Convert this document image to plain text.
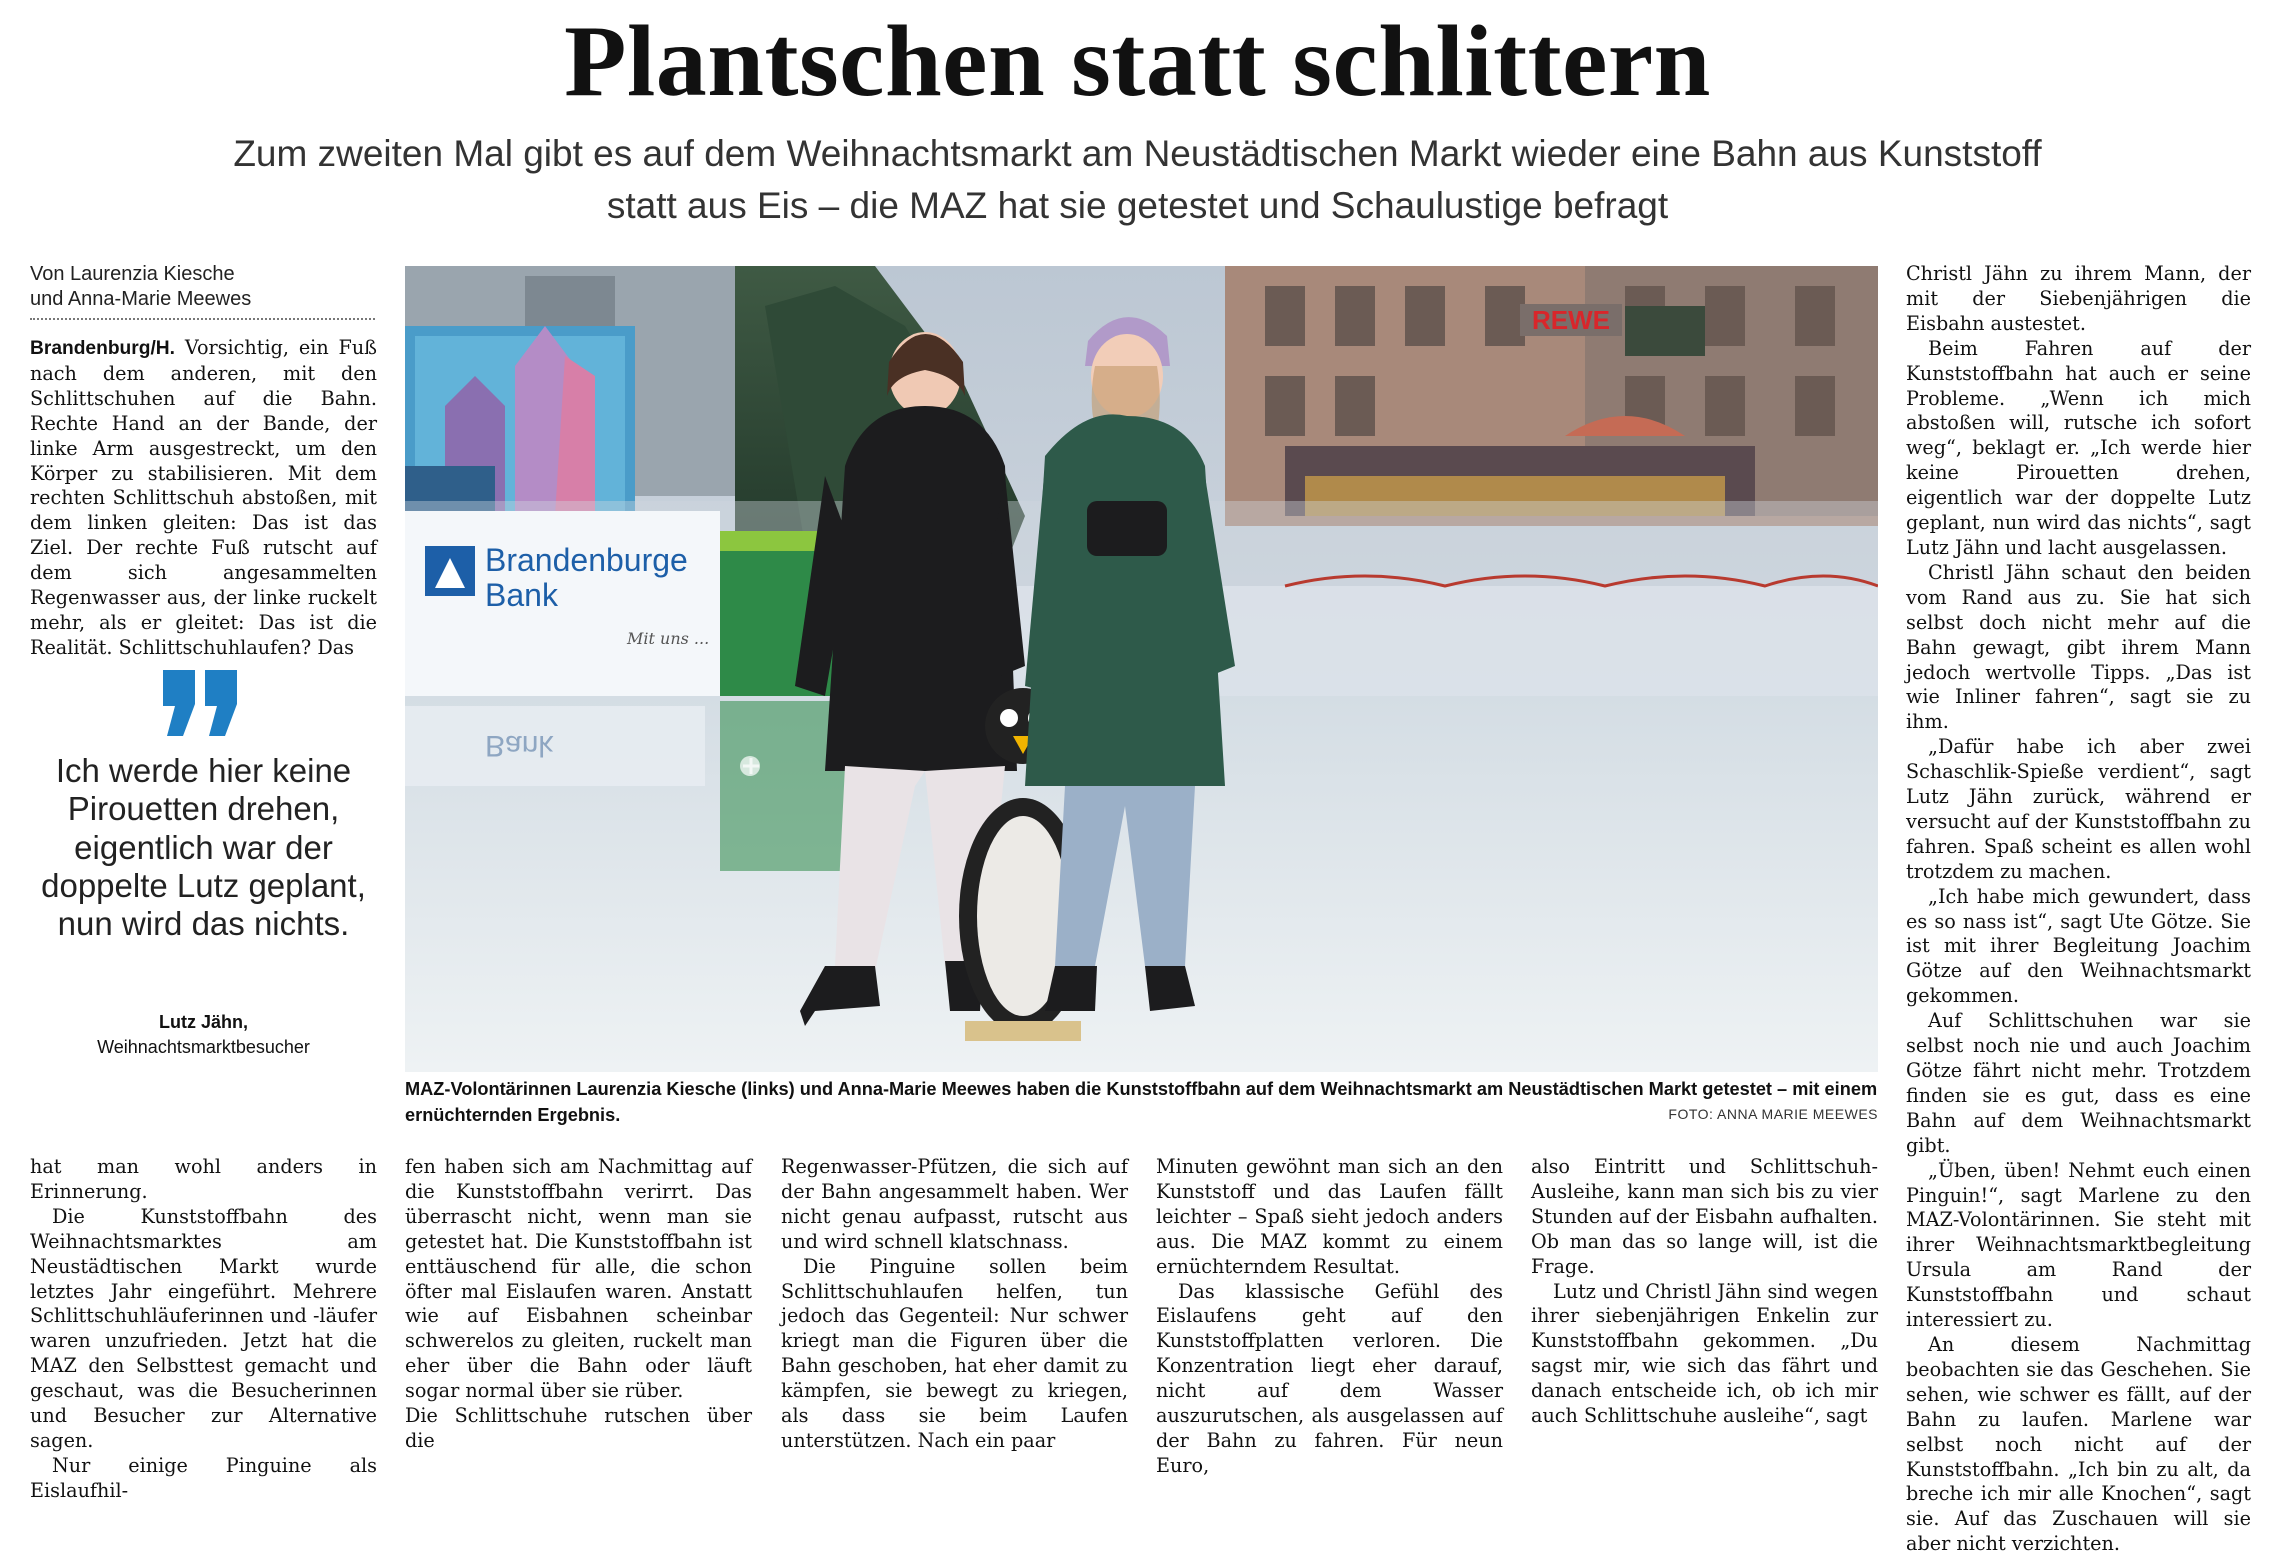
Plantschen statt schlittern
Zum zweiten Mal gibt es auf dem Weihnachtsmarkt am Neustädtischen Markt wieder eine Bahn aus Kunststoff
statt aus Eis – die MAZ hat sie getestet und Schaulustige befragt
Von Laurenzia Kiesche
und Anna-Marie Meewes

Brandenburg/H. Vorsichtig, ein Fuß nach dem anderen, mit den Schlittschuhen auf die Bahn. Rechte Hand an der Bande, der linke Arm ausgestreckt, um den Körper zu stabilisieren. Mit dem rechten Schlittschuh abstoßen, mit dem linken gleiten: Das ist das Ziel. Der rechte Fuß rutscht auf dem sich angesammelten Regenwasser aus, der linke ruckelt mehr, als er gleitet: Das ist die Realität. Schlittschuhlaufen? Das

Ich werde hier keine Pirouetten drehen, eigentlich war der doppelte Lutz geplant, nun wird das nichts.
Lutz Jähn,
Weihnachtsmarktbesucher
REWE
Brandenburge
Bank
Mit uns ...
Bank
MAZ-Volontärinnen Laurenzia Kiesche (links) und Anna-Marie Meewes haben die Kunststoffbahn auf dem Weihnachtsmarkt am Neustädtischen Markt getestet – mit einem ernüchternden Ergebnis.	FOTO: ANNA MARIE MEEWES

hat man wohl anders in Erinnerung.

Die Kunststoffbahn des Weihnachtsmarktes am Neustädtischen Markt wurde letztes Jahr eingeführt. Mehrere Schlittschuhläuferinnen und -läufer waren unzufrieden. Jetzt hat die MAZ den Selbsttest gemacht und geschaut, was die Besucherinnen und Besucher zur Alternative sagen.

Nur einige Pinguine als Eislaufhil-

fen haben sich am Nachmittag auf die Kunststoffbahn verirrt. Das überrascht nicht, wenn man sie getestet hat. Die Kunststoffbahn ist enttäuschend für alle, die schon öfter mal Eislaufen waren. Anstatt wie auf Eisbahnen scheinbar schwerelos zu gleiten, ruckelt man eher über die Bahn oder läuft sogar normal über sie rüber.

Die Schlittschuhe rutschen über die

Regenwasser-Pfützen, die sich auf der Bahn angesammelt haben. Wer nicht genau aufpasst, rutscht aus und wird schnell klatschnass.

Die Pinguine sollen beim Schlittschuhlaufen helfen, tun jedoch das Gegenteil: Nur schwer kriegt man die Figuren über die Bahn geschoben, hat eher damit zu kämpfen, sie bewegt zu kriegen, als dass sie beim Laufen unterstützen. Nach ein paar

Minuten gewöhnt man sich an den Kunststoff und das Laufen fällt leichter – Spaß sieht jedoch anders aus. Die MAZ kommt zu einem ernüchterndem Resultat.

Das klassische Gefühl des Eislaufens geht auf den Kunststoffplatten verloren. Die Konzentration liegt eher darauf, nicht auf dem Wasser auszurutschen, als ausgelassen auf der Bahn zu fahren. Für neun Euro,

also Eintritt und Schlittschuh-Ausleihe, kann man sich bis zu vier Stunden auf der Eisbahn aufhalten. Ob man das so lange will, ist die Frage.

Lutz und Christl Jähn sind wegen ihrer siebenjährigen Enkelin zur Kunststoffbahn gekommen. „Du sagst mir, wie sich das fährt und danach entscheide ich, ob ich mir auch Schlittschuhe ausleihe“, sagt

Christl Jähn zu ihrem Mann, der mit der Siebenjährigen die Eisbahn austestet.

Beim Fahren auf der Kunststoffbahn hat auch er seine Probleme. „Wenn ich mich abstoßen will, rutsche ich sofort weg“, beklagt er. „Ich werde hier keine Pirouetten drehen, eigentlich war der doppelte Lutz geplant, nun wird das nichts“, sagt Lutz Jähn und lacht ausgelassen.

Christl Jähn schaut den beiden vom Rand aus zu. Sie hat sich selbst doch nicht mehr auf die Bahn gewagt, gibt ihrem Mann jedoch wertvolle Tipps. „Das ist wie Inliner fahren“, sagt sie zu ihm.

„Dafür habe ich aber zwei Schaschlik-Spieße verdient“, sagt Lutz Jähn zurück, während er versucht auf der Kunststoffbahn zu fahren. Spaß scheint es allen wohl trotzdem zu machen.

„Ich habe mich gewundert, dass es so nass ist“, sagt Ute Götze. Sie ist mit ihrer Begleitung Joachim Götze auf den Weihnachtsmarkt gekommen.

Auf Schlittschuhen war sie selbst noch nie und auch Joachim Götze fährt nicht mehr. Trotzdem finden sie es gut, dass es eine Bahn auf dem Weihnachtsmarkt gibt.

„Üben, üben! Nehmt euch einen Pinguin!“, sagt Marlene zu den MAZ-Volontärinnen. Sie steht mit ihrer Weihnachtsmarktbegleitung Ursula am Rand der Kunststoffbahn und schaut interessiert zu.

An diesem Nachmittag beobachten sie das Geschehen. Sie sehen, wie schwer es fällt, auf der Bahn zu laufen. Marlene war selbst noch nicht auf der Kunststoffbahn. „Ich bin zu alt, da breche ich mir alle Knochen“, sagt sie. Auf das Zuschauen will sie aber nicht verzichten.
